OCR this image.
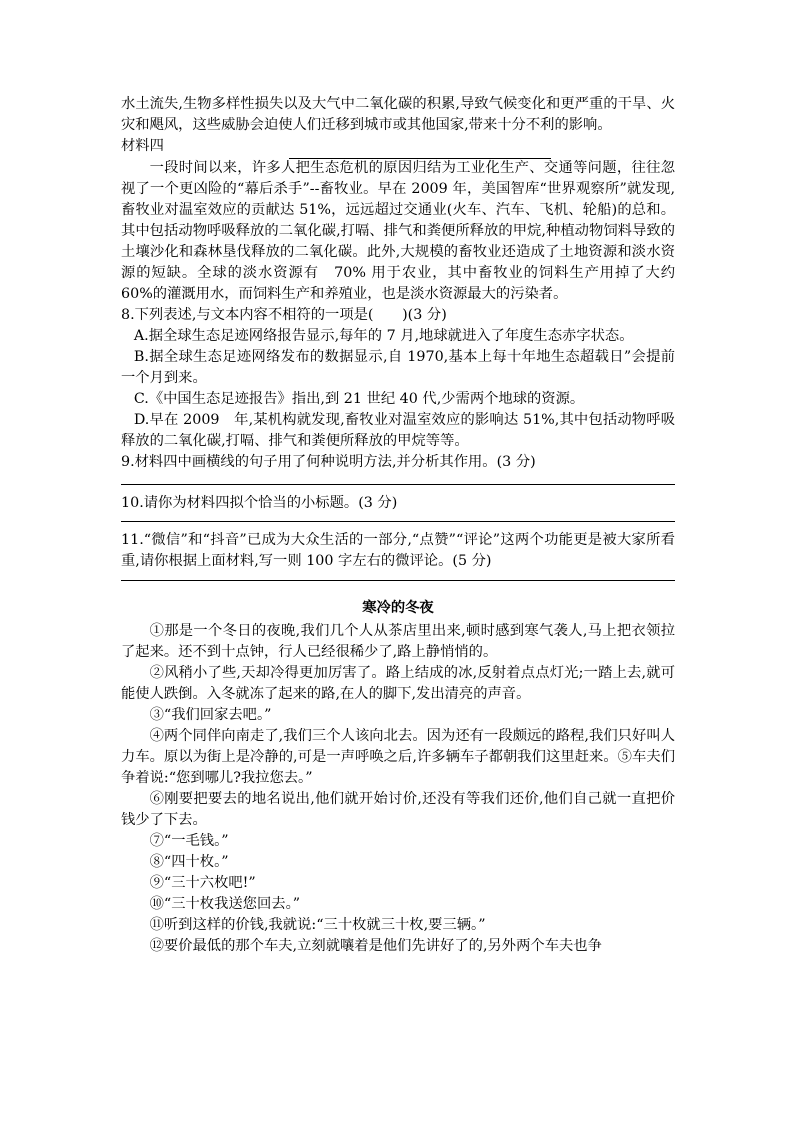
水土流失,生物多样性损失以及大气中二氧化碳的积累,导致气候变化和更严重的干旱、火灾和飓风，这些威胁会迫使人们迁移到城市或其他国家,带来十分不利的影响。

材料四

一段时间以来，许多人把生态危机的原因归结为工业化生产、交通等问题，往往忽视了一个更凶险的“幕后杀手”--畜牧业。早在 2009 年，美国智库“世界观察所”就发现,畜牧业对温室效应的贡献达 51%，远远超过交通业(火车、汽车、飞机、轮船)的总和。其中包括动物呼吸释放的二氧化碳,打嗝、排气和粪便所释放的甲烷,种植动物饲料导致的土壤沙化和森林垦伐释放的二氧化碳。此外,大规模的畜牧业还造成了土地资源和淡水资源的短缺。全球的淡水资源有　70% 用于农业，其中畜牧业的饲料生产用掉了大约 60%的灌溉用水，而饲料生产和养殖业，也是淡水资源最大的污染者。

8.下列表述,与文本内容不相符的一项是(　　)(3 分)

A.据全球生态足迹网络报告显示,每年的 7 月,地球就进入了年度生态赤字状态。

B.据全球生态足迹网络发布的数据显示,自 1970,基本上每十年地生态超载日”会提前一个月到来。

C.《中国生态足迹报告》指出,到 21 世纪 40 代,少需两个地球的资源。

D.早在 2009　年,某机构就发现,畜牧业对温室效应的影响达 51%,其中包括动物呼吸释放的二氧化碳,打嗝、排气和粪便所释放的甲烷等等。

9.材料四中画横线的句子用了何种说明方法,并分析其作用。(3 分)

10.请你为材料四拟个恰当的小标题。(3 分)

11.“微信”和“抖音”已成为大众生活的一部分,“点赞”“评论”这两个功能更是被大家所看重,请你根据上面材料,写一则 100 字左右的微评论。(5 分)

寒冷的冬夜

①那是一个冬日的夜晚,我们几个人从茶店里出来,顿时感到寒气袭人,马上把衣领拉了起来。还不到十点钟，行人已经很稀少了,路上静悄悄的。

②风稍小了些,天却冷得更加厉害了。路上结成的冰,反射着点点灯光;一踏上去,就可能使人跌倒。入冬就冻了起来的路,在人的脚下,发出清亮的声音。

③“我们回家去吧。”

④两个同伴向南走了,我们三个人该向北去。因为还有一段颇远的路程,我们只好叫人力车。原以为街上是冷静的,可是一声呼唤之后,许多辆车子都朝我们这里赶来。⑤车夫们争着说:“您到哪儿?我拉您去。”

⑥刚要把要去的地名说出,他们就开始讨价,还没有等我们还价,他们自己就一直把价钱少了下去。

⑦“一毛钱。”

⑧“四十枚。”

⑨“三十六枚吧!”

⑩“三十枚我送您回去。”

⑪听到这样的价钱,我就说:“三十枚就三十枚,要三辆。”

⑫要价最低的那个车夫,立刻就嚷着是他们先讲好了的,另外两个车夫也争
